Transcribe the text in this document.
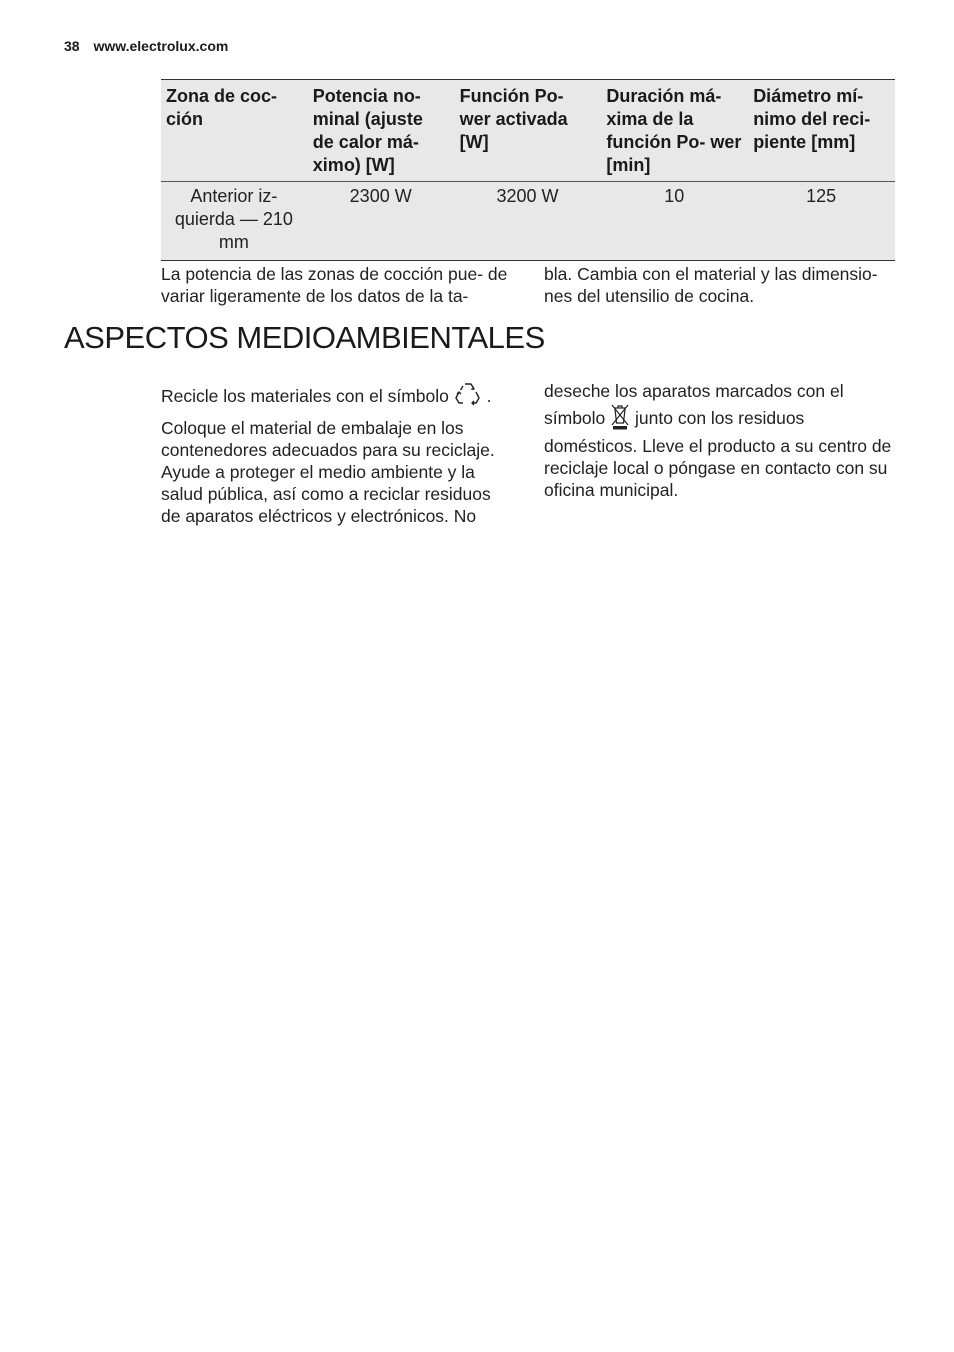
38 www.electrolux.com
Zona de coc- ción	Potencia no- minal (ajuste de calor má- ximo) [W]	Función Po- wer activada [W]	Duración má- xima de la función Po- wer [min]	Diámetro mí- nimo del reci- piente [mm]
Anterior iz- quierda — 210 mm	2300 W	3200 W	10	125

La potencia de las zonas de cocción pue- de variar ligeramente de los datos de la ta-

bla. Cambia con el material y las dimensio- nes del utensilio de cocina.

ASPECTOS MEDIOAMBIENTALES

Recicle los materiales con el símbolo .

Coloque el material de embalaje en los contenedores adecuados para su reciclaje. Ayude a proteger el medio ambiente y la salud pública, así como a reciclar residuos de aparatos eléctricos y electrónicos. No

deseche los aparatos marcados con el símbolo junto con los residuos domésticos. Lleve el producto a su centro de reciclaje local o póngase en contacto con su oficina municipal.
